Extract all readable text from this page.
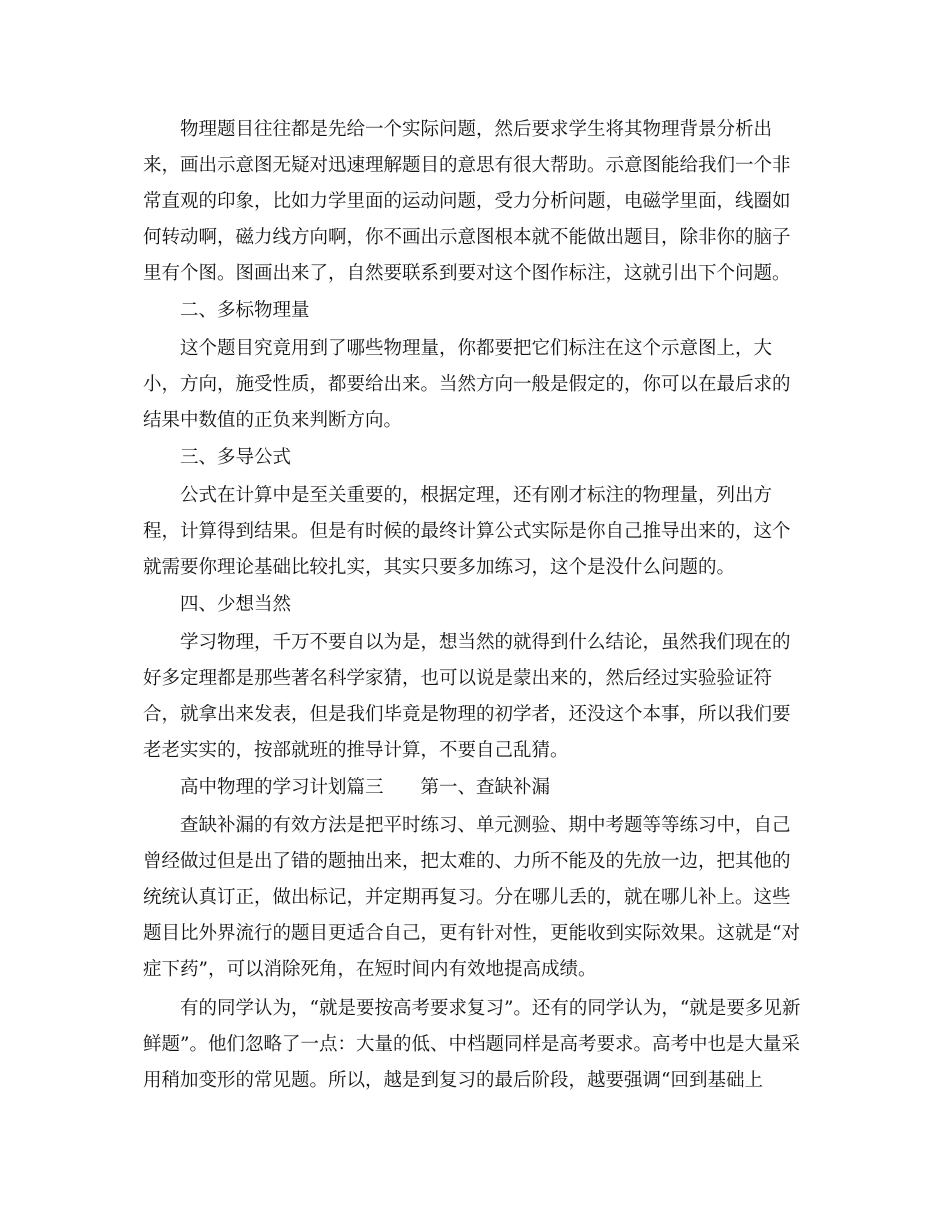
物理题目往往都是先给一个实际问题，然后要求学生将其物理背景分析出

来，画出示意图无疑对迅速理解题目的意思有很大帮助。示意图能给我们一个非

常直观的印象，比如力学里面的运动问题，受力分析问题，电磁学里面，线圈如

何转动啊，磁力线方向啊，你不画出示意图根本就不能做出题目，除非你的脑子

里有个图。图画出来了，自然要联系到要对这个图作标注，这就引出下个问题。

二、多标物理量

这个题目究竟用到了哪些物理量，你都要把它们标注在这个示意图上，大

小，方向，施受性质，都要给出来。当然方向一般是假定的，你可以在最后求的

结果中数值的正负来判断方向。

三、多导公式

公式在计算中是至关重要的，根据定理，还有刚才标注的物理量，列出方

程，计算得到结果。但是有时候的最终计算公式实际是你自己推导出来的，这个

就需要你理论基础比较扎实，其实只要多加练习，这个是没什么问题的。

四、少想当然

学习物理，千万不要自以为是，想当然的就得到什么结论，虽然我们现在的

好多定理都是那些著名科学家猜，也可以说是蒙出来的，然后经过实验验证符

合，就拿出来发表，但是我们毕竟是物理的初学者，还没这个本事，所以我们要

老老实实的，按部就班的推导计算，不要自己乱猜。

高中物理的学习计划篇三　　第一、查缺补漏

查缺补漏的有效方法是把平时练习、单元测验、期中考题等等练习中，自己

曾经做过但是出了错的题抽出来，把太难的、力所不能及的先放一边，把其他的

统统认真订正，做出标记，并定期再复习。分在哪儿丢的，就在哪儿补上。这些

题目比外界流行的题目更适合自己，更有针对性，更能收到实际效果。这就是“对

症下药”，可以消除死角，在短时间内有效地提高成绩。

有的同学认为，“就是要按高考要求复习”。还有的同学认为，“就是要多见新

鲜题”。他们忽略了一点：大量的低、中档题同样是高考要求。高考中也是大量采

用稍加变形的常见题。所以，越是到复习的最后阶段，越要强调“回到基础上
